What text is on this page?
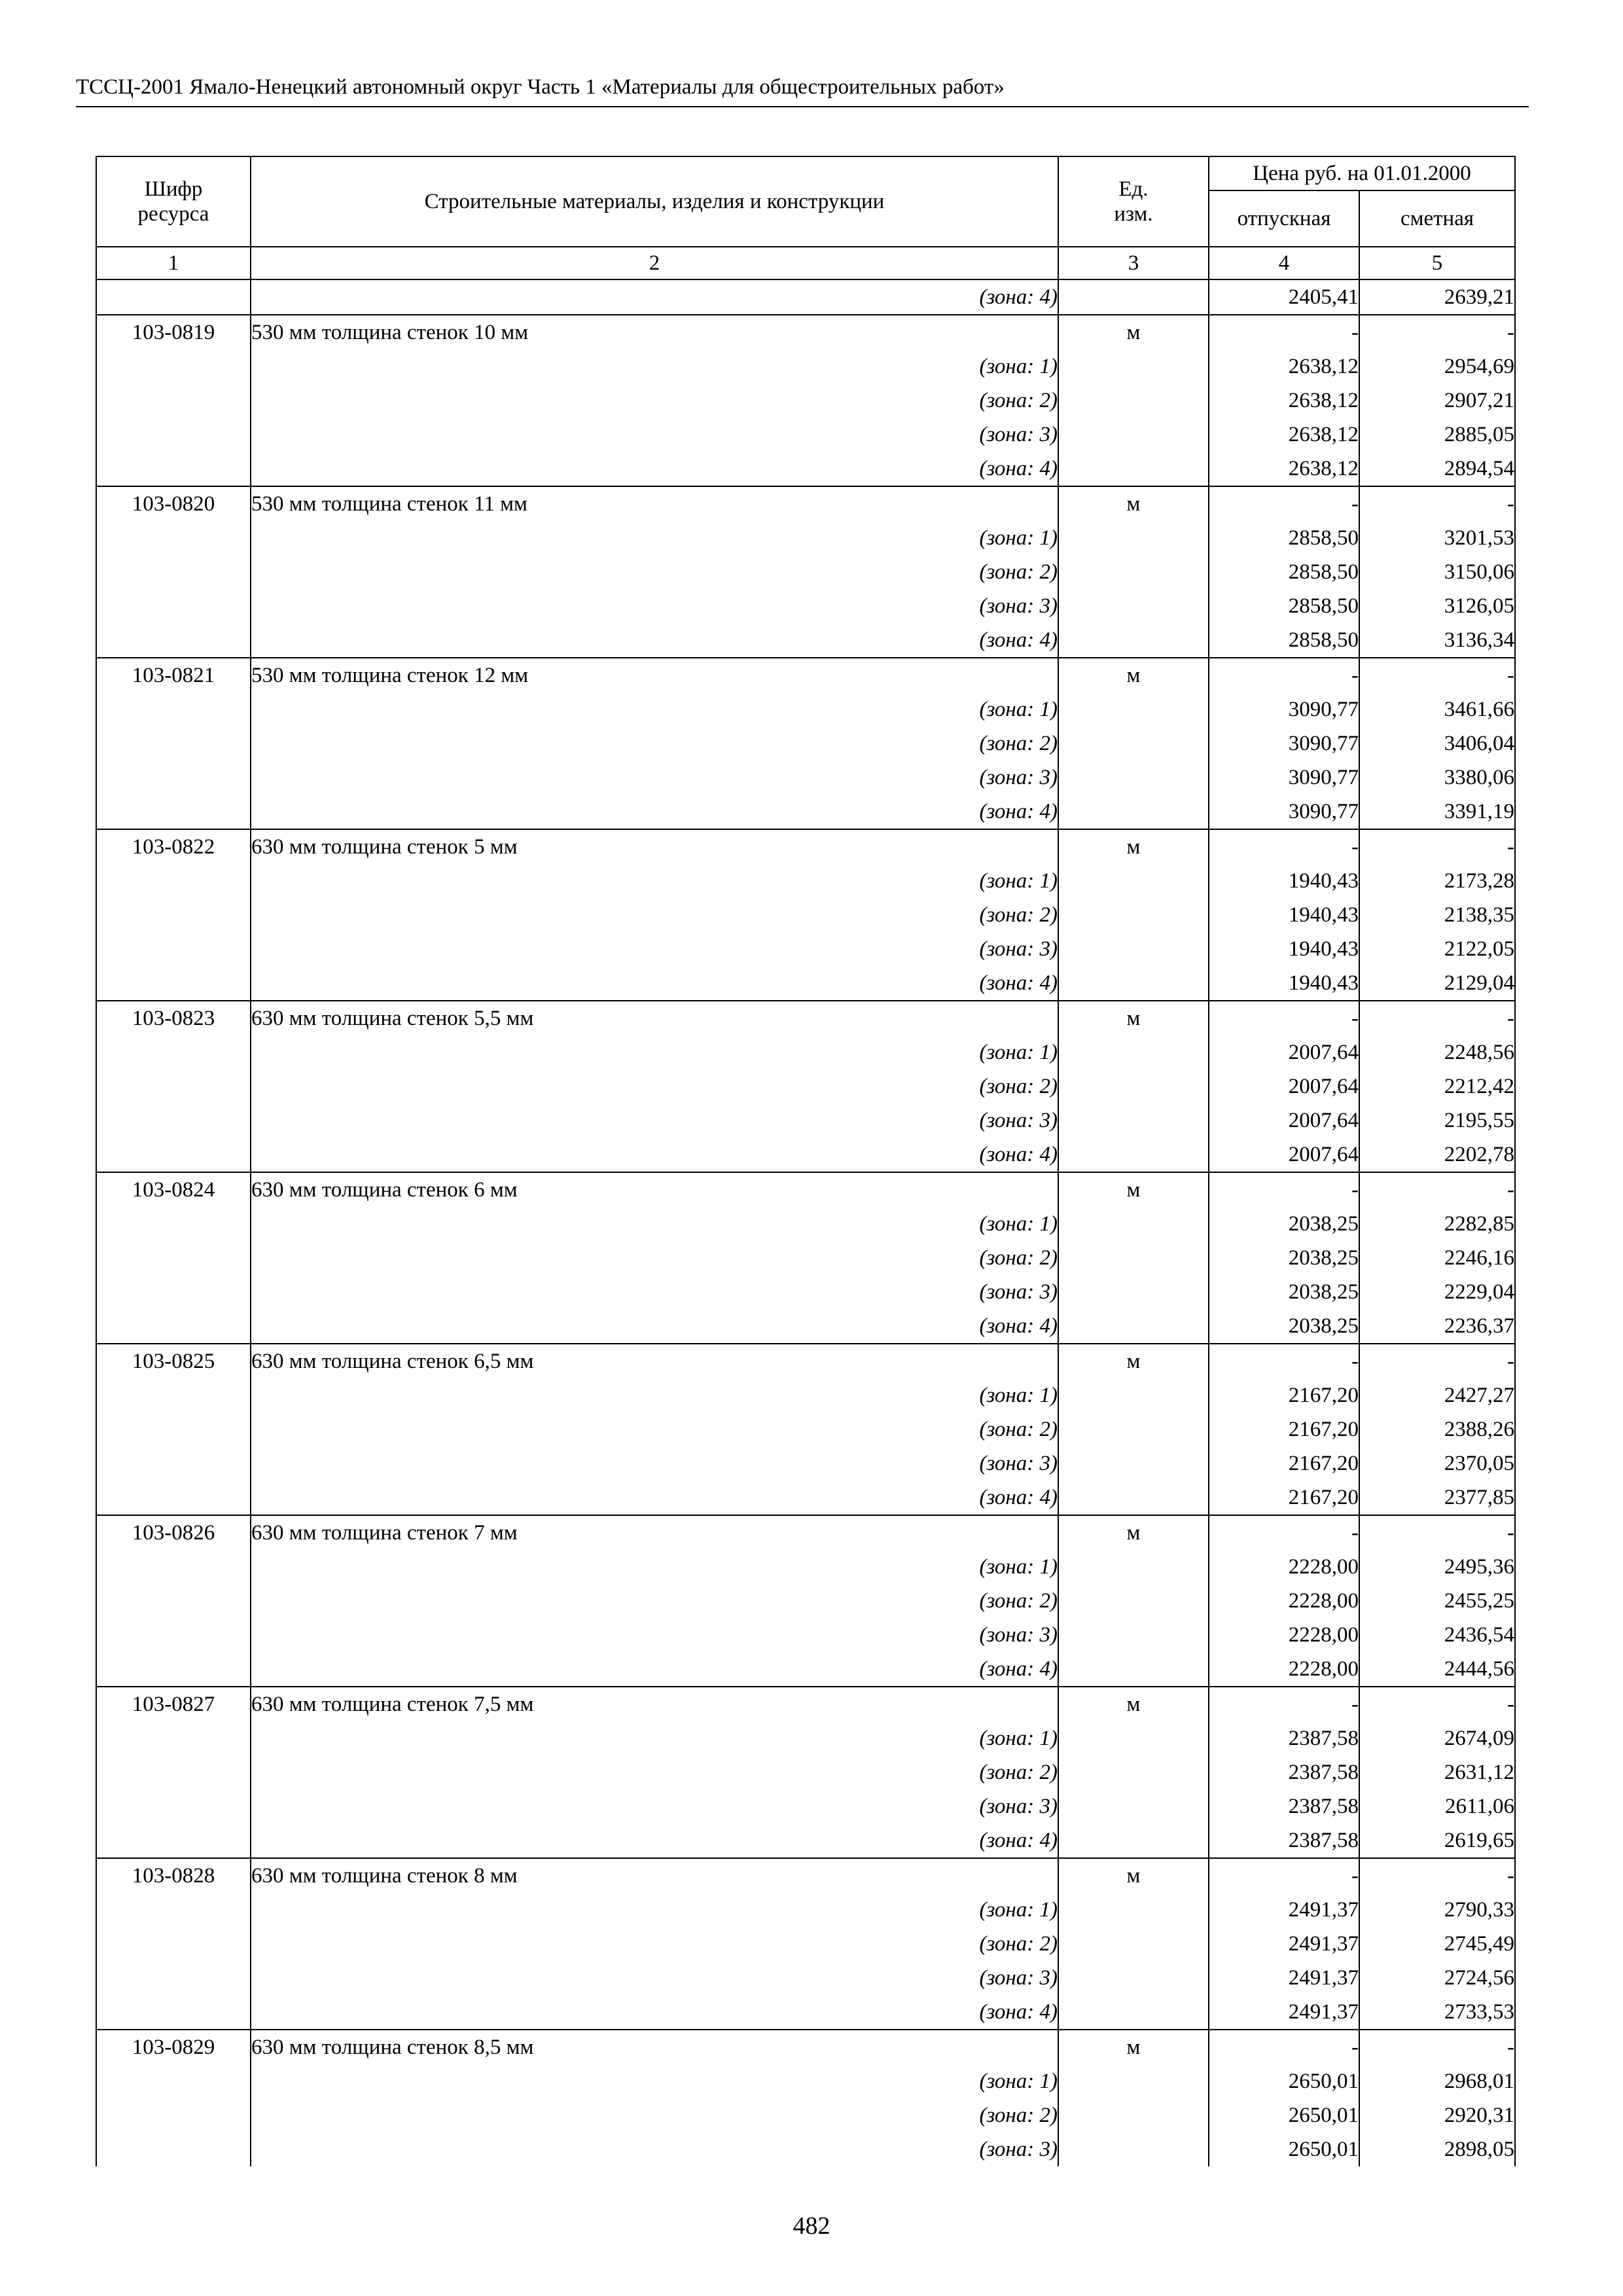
ТССЦ-2001 Ямало-Ненецкий автономный округ Часть 1 «Материалы для общестроительных работ»
Шифр ресурса	Строительные материалы, изделия и конструкции	Ед. изм.	Цена руб. на 01.01.2000	
			отпускная	сметная
1	2	3	4	5
	(зона: 4)		2405,41	2639,21
103-0819	530 мм толщина стенок 10 мм	м	-	-
	(зона: 1)		2638,12	2954,69
	(зона: 2)		2638,12	2907,21
	(зона: 3)		2638,12	2885,05
	(зона: 4)		2638,12	2894,54
103-0820	530 мм толщина стенок 11 мм	м	-	-
	(зона: 1)		2858,50	3201,53
	(зона: 2)		2858,50	3150,06
	(зона: 3)		2858,50	3126,05
	(зона: 4)		2858,50	3136,34
103-0821	530 мм толщина стенок 12 мм	м	-	-
	(зона: 1)		3090,77	3461,66
	(зона: 2)		3090,77	3406,04
	(зона: 3)		3090,77	3380,06
	(зона: 4)		3090,77	3391,19
103-0822	630 мм толщина стенок 5 мм	м	-	-
	(зона: 1)		1940,43	2173,28
	(зона: 2)		1940,43	2138,35
	(зона: 3)		1940,43	2122,05
	(зона: 4)		1940,43	2129,04
103-0823	630 мм толщина стенок 5,5 мм	м	-	-
	(зона: 1)		2007,64	2248,56
	(зона: 2)		2007,64	2212,42
	(зона: 3)		2007,64	2195,55
	(зона: 4)		2007,64	2202,78
103-0824	630 мм толщина стенок 6 мм	м	-	-
	(зона: 1)		2038,25	2282,85
	(зона: 2)		2038,25	2246,16
	(зона: 3)		2038,25	2229,04
	(зона: 4)		2038,25	2236,37
103-0825	630 мм толщина стенок 6,5 мм	м	-	-
	(зона: 1)		2167,20	2427,27
	(зона: 2)		2167,20	2388,26
	(зона: 3)		2167,20	2370,05
	(зона: 4)		2167,20	2377,85
103-0826	630 мм толщина стенок 7 мм	м	-	-
	(зона: 1)		2228,00	2495,36
	(зона: 2)		2228,00	2455,25
	(зона: 3)		2228,00	2436,54
	(зона: 4)		2228,00	2444,56
103-0827	630 мм толщина стенок 7,5 мм	м	-	-
	(зона: 1)		2387,58	2674,09
	(зона: 2)		2387,58	2631,12
	(зона: 3)		2387,58	2611,06
	(зона: 4)		2387,58	2619,65
103-0828	630 мм толщина стенок 8 мм	м	-	-
	(зона: 1)		2491,37	2790,33
	(зона: 2)		2491,37	2745,49
	(зона: 3)		2491,37	2724,56
	(зона: 4)		2491,37	2733,53
103-0829	630 мм толщина стенок 8,5 мм	м	-	-
	(зона: 1)		2650,01	2968,01
	(зона: 2)		2650,01	2920,31
	(зона: 3)		2650,01	2898,05
482
